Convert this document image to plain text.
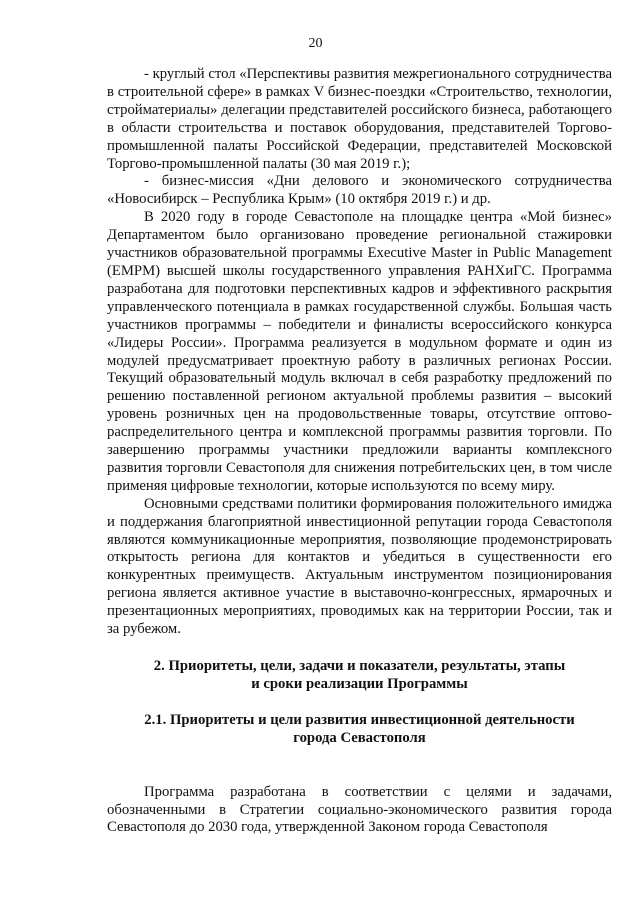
20

- круглый стол «Перспективы развития межрегионального сотрудничества в строительной сфере» в рамках V бизнес-поездки «Строительство, технологии, стройматериалы» делегации представителей российского бизнеса, работающего в области строительства и поставок оборудования, представителей Торгово-промышленной палаты Российской Федерации, представителей Московской Торгово-промышленной палаты (30 мая 2019 г.);

- бизнес-миссия «Дни делового и экономического сотрудничества «Новосибирск – Республика Крым» (10 октября 2019 г.) и др.

В 2020 году в городе Севастополе на площадке центра «Мой бизнес» Департаментом было организовано проведение региональной стажировки участников образовательной программы Executive Master in Public Management (EMPM) высшей школы государственного управления РАНХиГС. Программа разработана для подготовки перспективных кадров и эффективного раскрытия управленческого потенциала в рамках государственной службы. Большая часть участников программы – победители и финалисты всероссийского конкурса «Лидеры России». Программа реализуется в модульном формате и один из модулей предусматривает проектную работу в различных регионах России. Текущий образовательный модуль включал в себя разработку предложений по решению поставленной регионом актуальной проблемы развития – высокий уровень розничных цен на продовольственные товары, отсутствие оптово-распределительного центра и комплексной программы развития торговли. По завершению программы участники предложили варианты комплексного развития торговли Севастополя для снижения потребительских цен, в том числе применяя цифровые технологии, которые используются по всему миру.

Основными средствами политики формирования положительного имиджа и поддержания благоприятной инвестиционной репутации города Севастополя являются коммуникационные мероприятия, позволяющие продемонстрировать открытость региона для контактов и убедиться в существенности его конкурентных преимуществ. Актуальным инструментом позиционирования региона является активное участие в выставочно-конгрессных, ярмарочных и презентационных мероприятиях, проводимых как на территории России, так и за рубежом.

2. Приоритеты, цели, задачи и показатели, результаты, этапы
и сроки реализации Программы
2.1. Приоритеты и цели развития инвестиционной деятельности
города Севастополя

Программа разработана в соответствии с целями и задачами, обозначенными в Стратегии социально-экономического развития города Севастополя до 2030 года, утвержденной Законом города Севастополя
